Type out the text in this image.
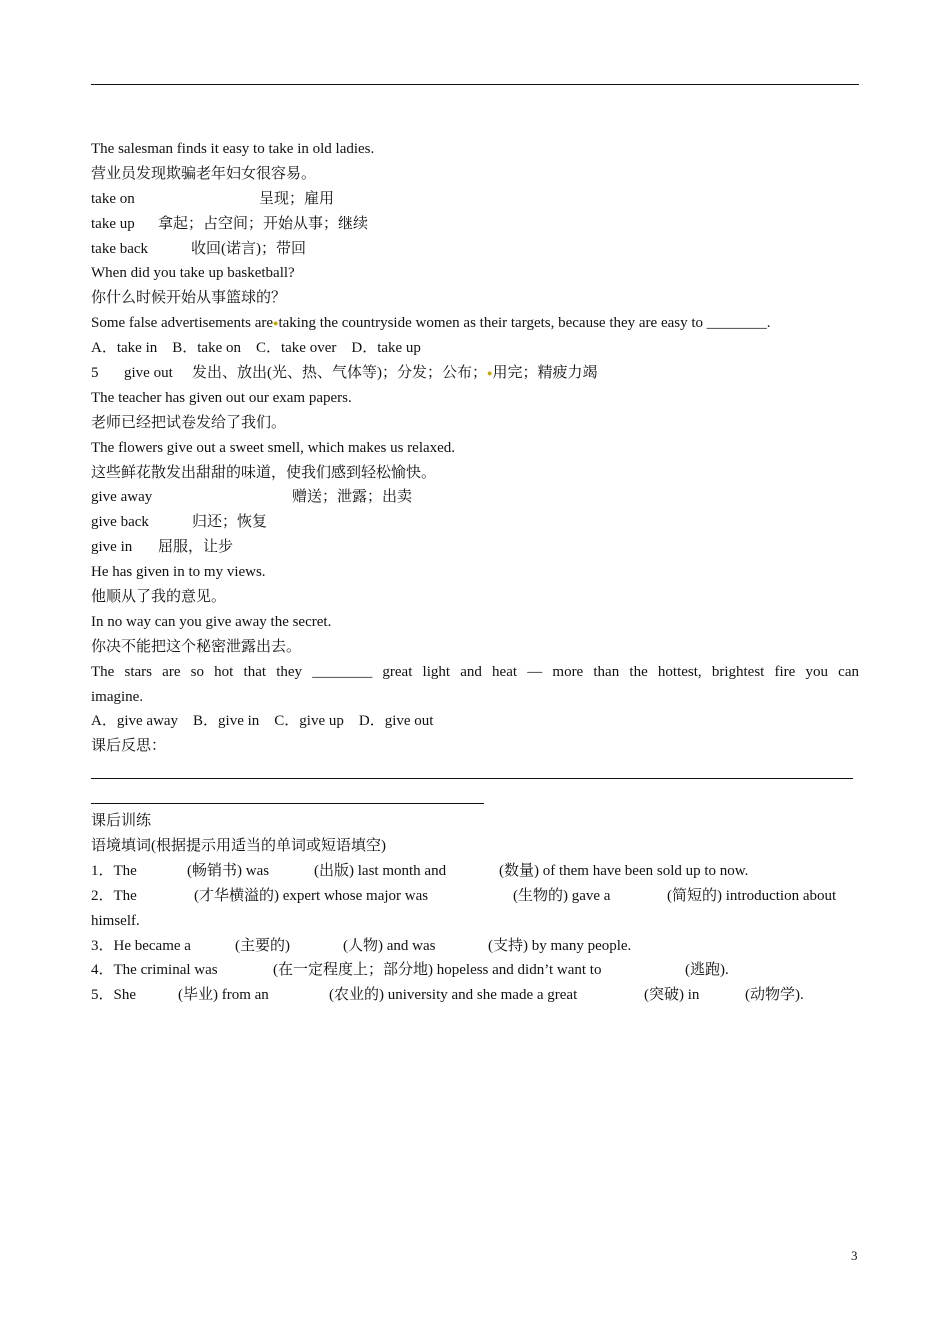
The salesman finds it easy to take in old ladies.
营业员发现欺骗老年妇女很容易。
take on	呈现；雇用
take up 拿起；占空间；开始从事；继续
take back	收回(诺言)；带回
When did you take up basketball?
你什么时候开始从事篮球的？
Some false advertisements are●taking the countryside women as their targets, because they are easy to ________.
A．take in　B．take on　C．take over　D．take up
5 give out 发出、放出(光、热、气体等)；分发；公布；●用完；精疲力竭
The teacher has given out our exam papers.
老师已经把试卷发给了我们。
The flowers give out a sweet smell, which makes us relaxed.
这些鲜花散发出甜甜的味道，使我们感到轻松愉快。
give away	赠送；泄露；出卖
give back	归还；恢复
give in 屈服，让步
He has given in to my views.
他顺从了我的意见。
In no way can you give away the secret.
你决不能把这个秘密泄露出去。
The stars are so hot that they ________ great light and heat — more than the hottest, brightest fire you can
imagine.
A．give away　B．give in　C．give up　D．give out
课后反思：
课后训练
语境填词(根据提示用适当的单词或短语填空)
1．The	(畅销书) was	(出版) last month and	(数量) of them have been sold up to now.
2．The	(才华横溢的) expert whose major was	(生物的) gave a	(简短的) introduction about
himself.
3．He became a	(主要的)	(人物) and was	(支持) by many people.
4．The criminal was	(在一定程度上；部分地) hopeless and didn’t want to	(逃跑).
5．She	(毕业) from an	(农业的) university and she made a great	(突破) in	(动物学).
3
